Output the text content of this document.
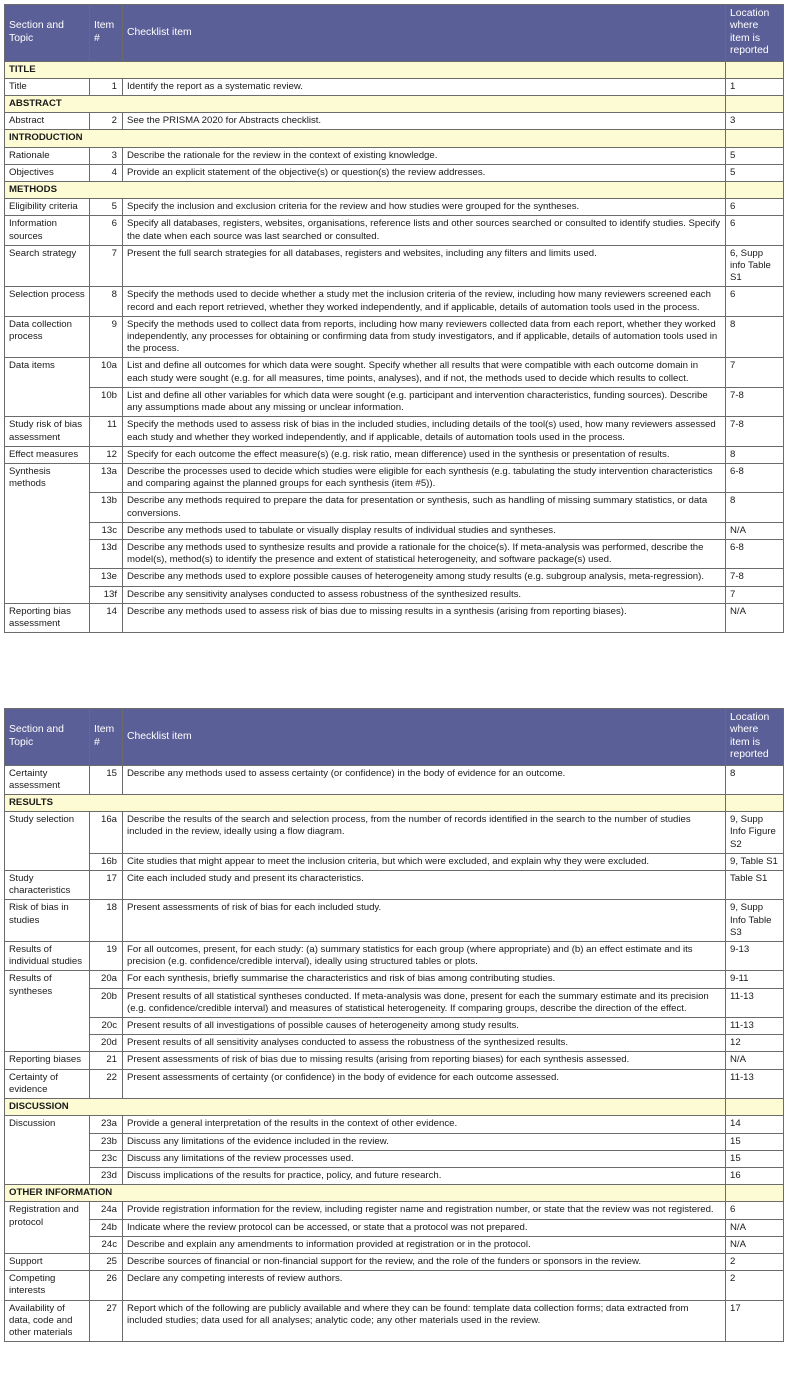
Section and Topic	Item #	Checklist item	Location where item is reported
TITLE			
Title	1	Identify the report as a systematic review.	1
ABSTRACT			
Abstract	2	See the PRISMA 2020 for Abstracts checklist.	3
INTRODUCTION			
Rationale	3	Describe the rationale for the review in the context of existing knowledge.	5
Objectives	4	Provide an explicit statement of the objective(s) or question(s) the review addresses.	5
METHODS			
Eligibility criteria	5	Specify the inclusion and exclusion criteria for the review and how studies were grouped for the syntheses.	6
Information sources	6	Specify all databases, registers, websites, organisations, reference lists and other sources searched or consulted to identify studies. Specify the date when each source was last searched or consulted.	6
Search strategy	7	Present the full search strategies for all databases, registers and websites, including any filters and limits used.	6, Supp info Table S1
Selection process	8	Specify the methods used to decide whether a study met the inclusion criteria of the review, including how many reviewers screened each record and each report retrieved, whether they worked independently, and if applicable, details of automation tools used in the process.	6
Data collection process	9	Specify the methods used to collect data from reports, including how many reviewers collected data from each report, whether they worked independently, any processes for obtaining or confirming data from study investigators, and if applicable, details of automation tools used in the process.	8
Data items	10a	List and define all outcomes for which data were sought. Specify whether all results that were compatible with each outcome domain in each study were sought (e.g. for all measures, time points, analyses), and if not, the methods used to decide which results to collect.	7
	10b	List and define all other variables for which data were sought (e.g. participant and intervention characteristics, funding sources). Describe any assumptions made about any missing or unclear information.	7-8
Study risk of bias assessment	11	Specify the methods used to assess risk of bias in the included studies, including details of the tool(s) used, how many reviewers assessed each study and whether they worked independently, and if applicable, details of automation tools used in the process.	7-8
Effect measures	12	Specify for each outcome the effect measure(s) (e.g. risk ratio, mean difference) used in the synthesis or presentation of results.	8
Synthesis methods	13a	Describe the processes used to decide which studies were eligible for each synthesis (e.g. tabulating the study intervention characteristics and comparing against the planned groups for each synthesis (item #5)).	6-8
	13b	Describe any methods required to prepare the data for presentation or synthesis, such as handling of missing summary statistics, or data conversions.	8
	13c	Describe any methods used to tabulate or visually display results of individual studies and syntheses.	N/A
	13d	Describe any methods used to synthesize results and provide a rationale for the choice(s). If meta-analysis was performed, describe the model(s), method(s) to identify the presence and extent of statistical heterogeneity, and software package(s) used.	6-8
	13e	Describe any methods used to explore possible causes of heterogeneity among study results (e.g. subgroup analysis, meta-regression).	7-8
	13f	Describe any sensitivity analyses conducted to assess robustness of the synthesized results.	7
Reporting bias assessment	14	Describe any methods used to assess risk of bias due to missing results in a synthesis (arising from reporting biases).	N/A
Section and Topic	Item #	Checklist item	Location where item is reported
Certainty assessment	15	Describe any methods used to assess certainty (or confidence) in the body of evidence for an outcome.	8
RESULTS			
Study selection	16a	Describe the results of the search and selection process, from the number of records identified in the search to the number of studies included in the review, ideally using a flow diagram.	9, Supp Info Figure S2
	16b	Cite studies that might appear to meet the inclusion criteria, but which were excluded, and explain why they were excluded.	9, Table S1
Study characteristics	17	Cite each included study and present its characteristics.	Table S1
Risk of bias in studies	18	Present assessments of risk of bias for each included study.	9, Supp Info Table S3
Results of individual studies	19	For all outcomes, present, for each study: (a) summary statistics for each group (where appropriate) and (b) an effect estimate and its precision (e.g. confidence/credible interval), ideally using structured tables or plots.	9-13
Results of syntheses	20a	For each synthesis, briefly summarise the characteristics and risk of bias among contributing studies.	9-11
	20b	Present results of all statistical syntheses conducted. If meta-analysis was done, present for each the summary estimate and its precision (e.g. confidence/credible interval) and measures of statistical heterogeneity. If comparing groups, describe the direction of the effect.	11-13
	20c	Present results of all investigations of possible causes of heterogeneity among study results.	11-13
	20d	Present results of all sensitivity analyses conducted to assess the robustness of the synthesized results.	12
Reporting biases	21	Present assessments of risk of bias due to missing results (arising from reporting biases) for each synthesis assessed.	N/A
Certainty of evidence	22	Present assessments of certainty (or confidence) in the body of evidence for each outcome assessed.	11-13
DISCUSSION			
Discussion	23a	Provide a general interpretation of the results in the context of other evidence.	14
	23b	Discuss any limitations of the evidence included in the review.	15
	23c	Discuss any limitations of the review processes used.	15
	23d	Discuss implications of the results for practice, policy, and future research.	16
OTHER INFORMATION			
Registration and protocol	24a	Provide registration information for the review, including register name and registration number, or state that the review was not registered.	6
	24b	Indicate where the review protocol can be accessed, or state that a protocol was not prepared.	N/A
	24c	Describe and explain any amendments to information provided at registration or in the protocol.	N/A
Support	25	Describe sources of financial or non-financial support for the review, and the role of the funders or sponsors in the review.	2
Competing interests	26	Declare any competing interests of review authors.	2
Availability of data, code and other materials	27	Report which of the following are publicly available and where they can be found: template data collection forms; data extracted from included studies; data used for all analyses; analytic code; any other materials used in the review.	17
